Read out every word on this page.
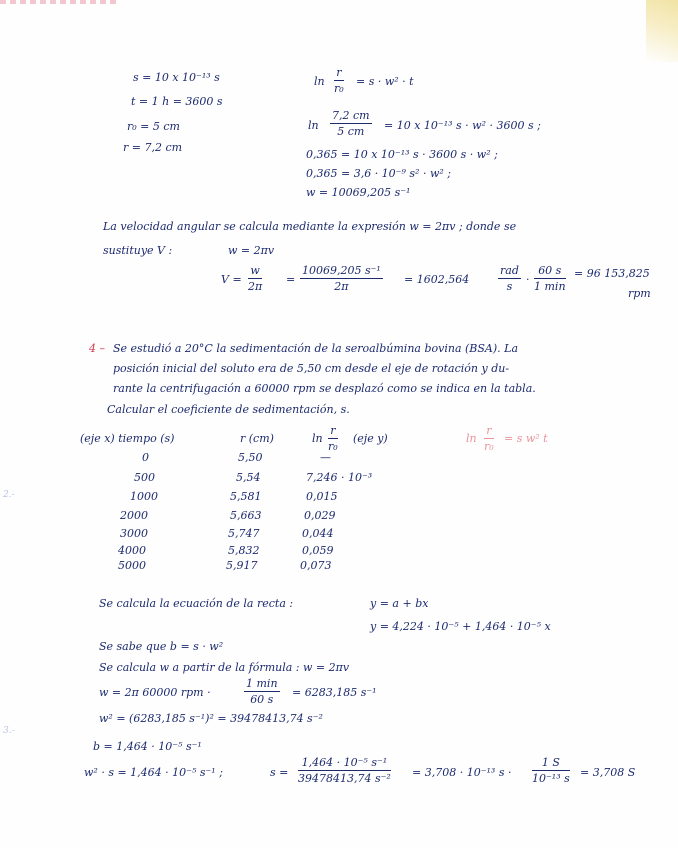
s = 10 x 10⁻¹³ s
t = 1 h = 3600 s
r₀ = 5 cm
r = 7,2 cm
$\ln \frac{r}{\text{r₀}} = s \cdot w^2 \cdot t$
$\ln \frac{7,2 cm}{5 cm} = 10$ x 10⁻¹³ s · w² · 3600 s ;
0,365 = 10 x 10⁻¹³ s · 3600 s · w² ;
0,365 = 3,6 · 10⁻⁹ s² · w² ;
w = 10069,205 s⁻¹
La velocidad angular se calcula mediante la expresión w = 2πv ; donde se
sustituye V :	w = 2πv
$V = \frac{w}{2\pi} = \frac{\text{10069,205 s⁻¹}}{2\pi} = 1602,564$
rad
s
·
60 s
1 min
= 96 153,825
rpm
4 – Se estudió a 20°C la sedimentación de la seroalbúmina bovina (BSA). La
posición inicial del soluto era de 5,50 cm desde el eje de rotación y du-
rante la centrifugación a 60000 rpm se desplazó como se indica en la tabla.
Calcular el coeficiente de sedimentación, s.
(eje x) tiempo (s)	r (cm)	$\ln \frac{r}{\text{r₀}} (eje$ y)	$\ln \frac{r}{\text{r₀}} = s$ w² t
0	5,50	—
500	5,54	7,246 · 10⁻³
1000	5,581	0,015
2000	5,663	0,029
3000	5,747	0,044
4000	5,832	0,059
5000	5,917	0,073
Se calcula la ecuación de la recta :	y = a + bx
y = 4,224 · 10⁻⁵ + 1,464 · 10⁻⁵ x
Se sabe que b = s · w²
Se calcula w a partir de la fórmula : w = 2πv
w = 2π 60000 rpm ·
1 min
60 s
= 6283,185 s⁻¹
w² = (6283,185 s⁻¹)² = 39478413,74 s⁻²
b = 1,464 · 10⁻⁵ s⁻¹
w² · s = 1,464 · 10⁻⁵ s⁻¹ ;	$s = \frac{\text{1,464 · 10⁻⁵ s⁻¹}}{\text{39478413,74 s⁻²}} = 3,708 \cdot 10^{-13}$ $s \cdot \frac{1 S}{\text{10⁻¹³ s}} = 3,708$ S
2.-
3.-
